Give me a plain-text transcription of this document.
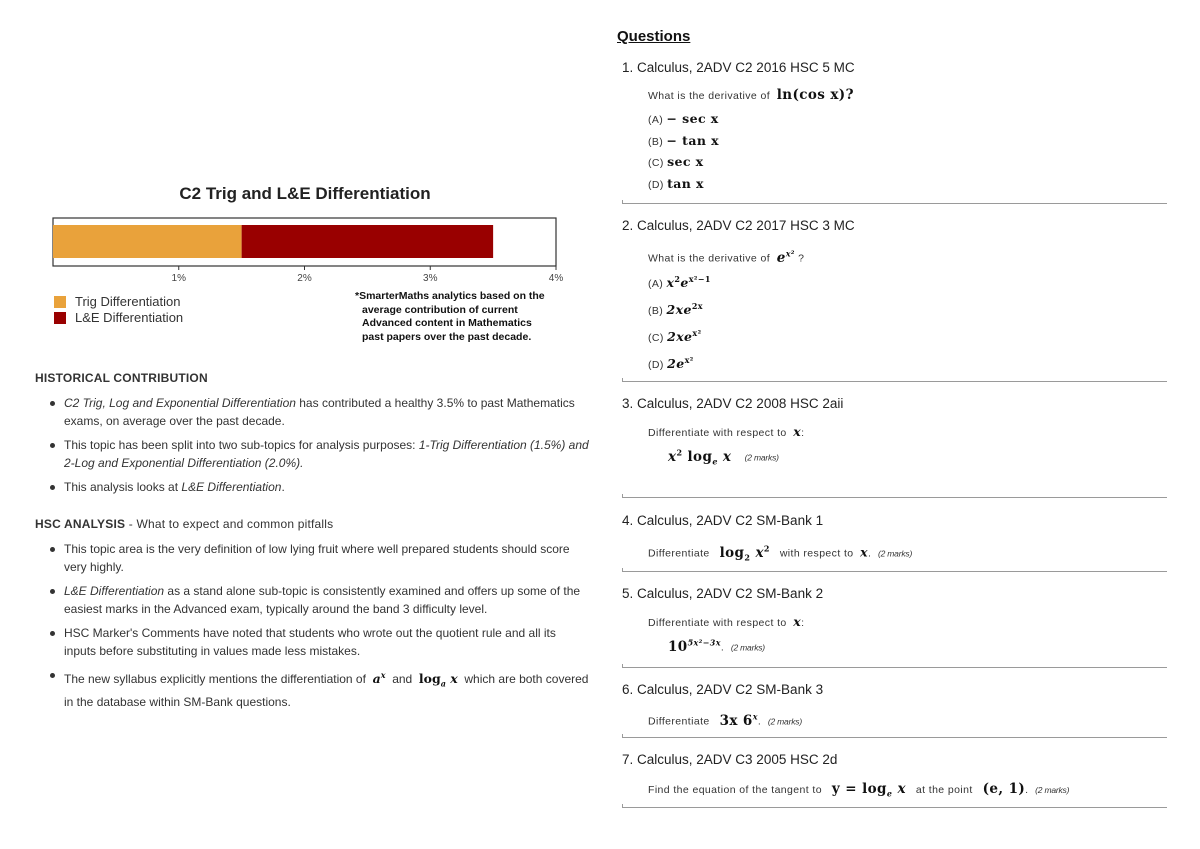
1%	2%	3%	4%
C2 Trig and L&E Differentiation
Trig Differentiation
L&E Differentiation
*SmarterMaths analytics based on the
average contribution of current
Advanced content in Mathematics
past papers over the past decade.
HISTORICAL CONTRIBUTION
C2 Trig, Log and Exponential Differentiation has contributed a healthy 3.5% to past Mathematics exams, on average over the past decade.
This topic has been split into two sub-topics for analysis purposes: 1-Trig Differentiation (1.5%) and 2-Log and Exponential Differentiation (2.0%).
This analysis looks at L&E Differentiation.
HSC ANALYSIS - What to expect and common pitfalls
This topic area is the very definition of low lying fruit where well prepared students should score very highly.
L&E Differentiation as a stand alone sub-topic is consistently examined and offers up some of the easiest marks in the Advanced exam, typically around the band 3 difficulty level.
HSC Marker's Comments have noted that students who wrote out the quotient rule and all its inputs before substituting in values made less mistakes.
The new syllabus explicitly mentions the differentiation of $a^x$ and $\log_a x$ which are both covered in the database within SM-Bank questions.
Questions
1. Calculus, 2ADV C2 2016 HSC 5 MC
What is the derivative of ln(cos x)?
(A) − sec x
(B) − tan x
(C) sec x
(D) tan x
2. Calculus, 2ADV C2 2017 HSC 3 MC
What is the derivative of $e^{x^2}$ ?
(A) $x^2e^{x^2-1}$
(B) $2xe^{2x}$
(C) $2xe^{x^2}$
(D) $2e^{x^2}$
3. Calculus, 2ADV C2 2008 HSC 2aii
Differentiate with respect to x:
$x^2$ $\log_e x$ (2 marks)
4. Calculus, 2ADV C2 SM-Bank 1
Differentiate $\log_2 x^2$ with respect to x. (2 marks)
5. Calculus, 2ADV C2 SM-Bank 2
Differentiate with respect to x:
$10^{5x^2-3x}$. (2 marks)
6. Calculus, 2ADV C2 SM-Bank 3
Differentiate 3x 6$^x$. (2 marks)
7. Calculus, 2ADV C3 2005 HSC 2d
Find the equation of the tangent to $y = \log_e x$ at the point (e, 1). (2 marks)
